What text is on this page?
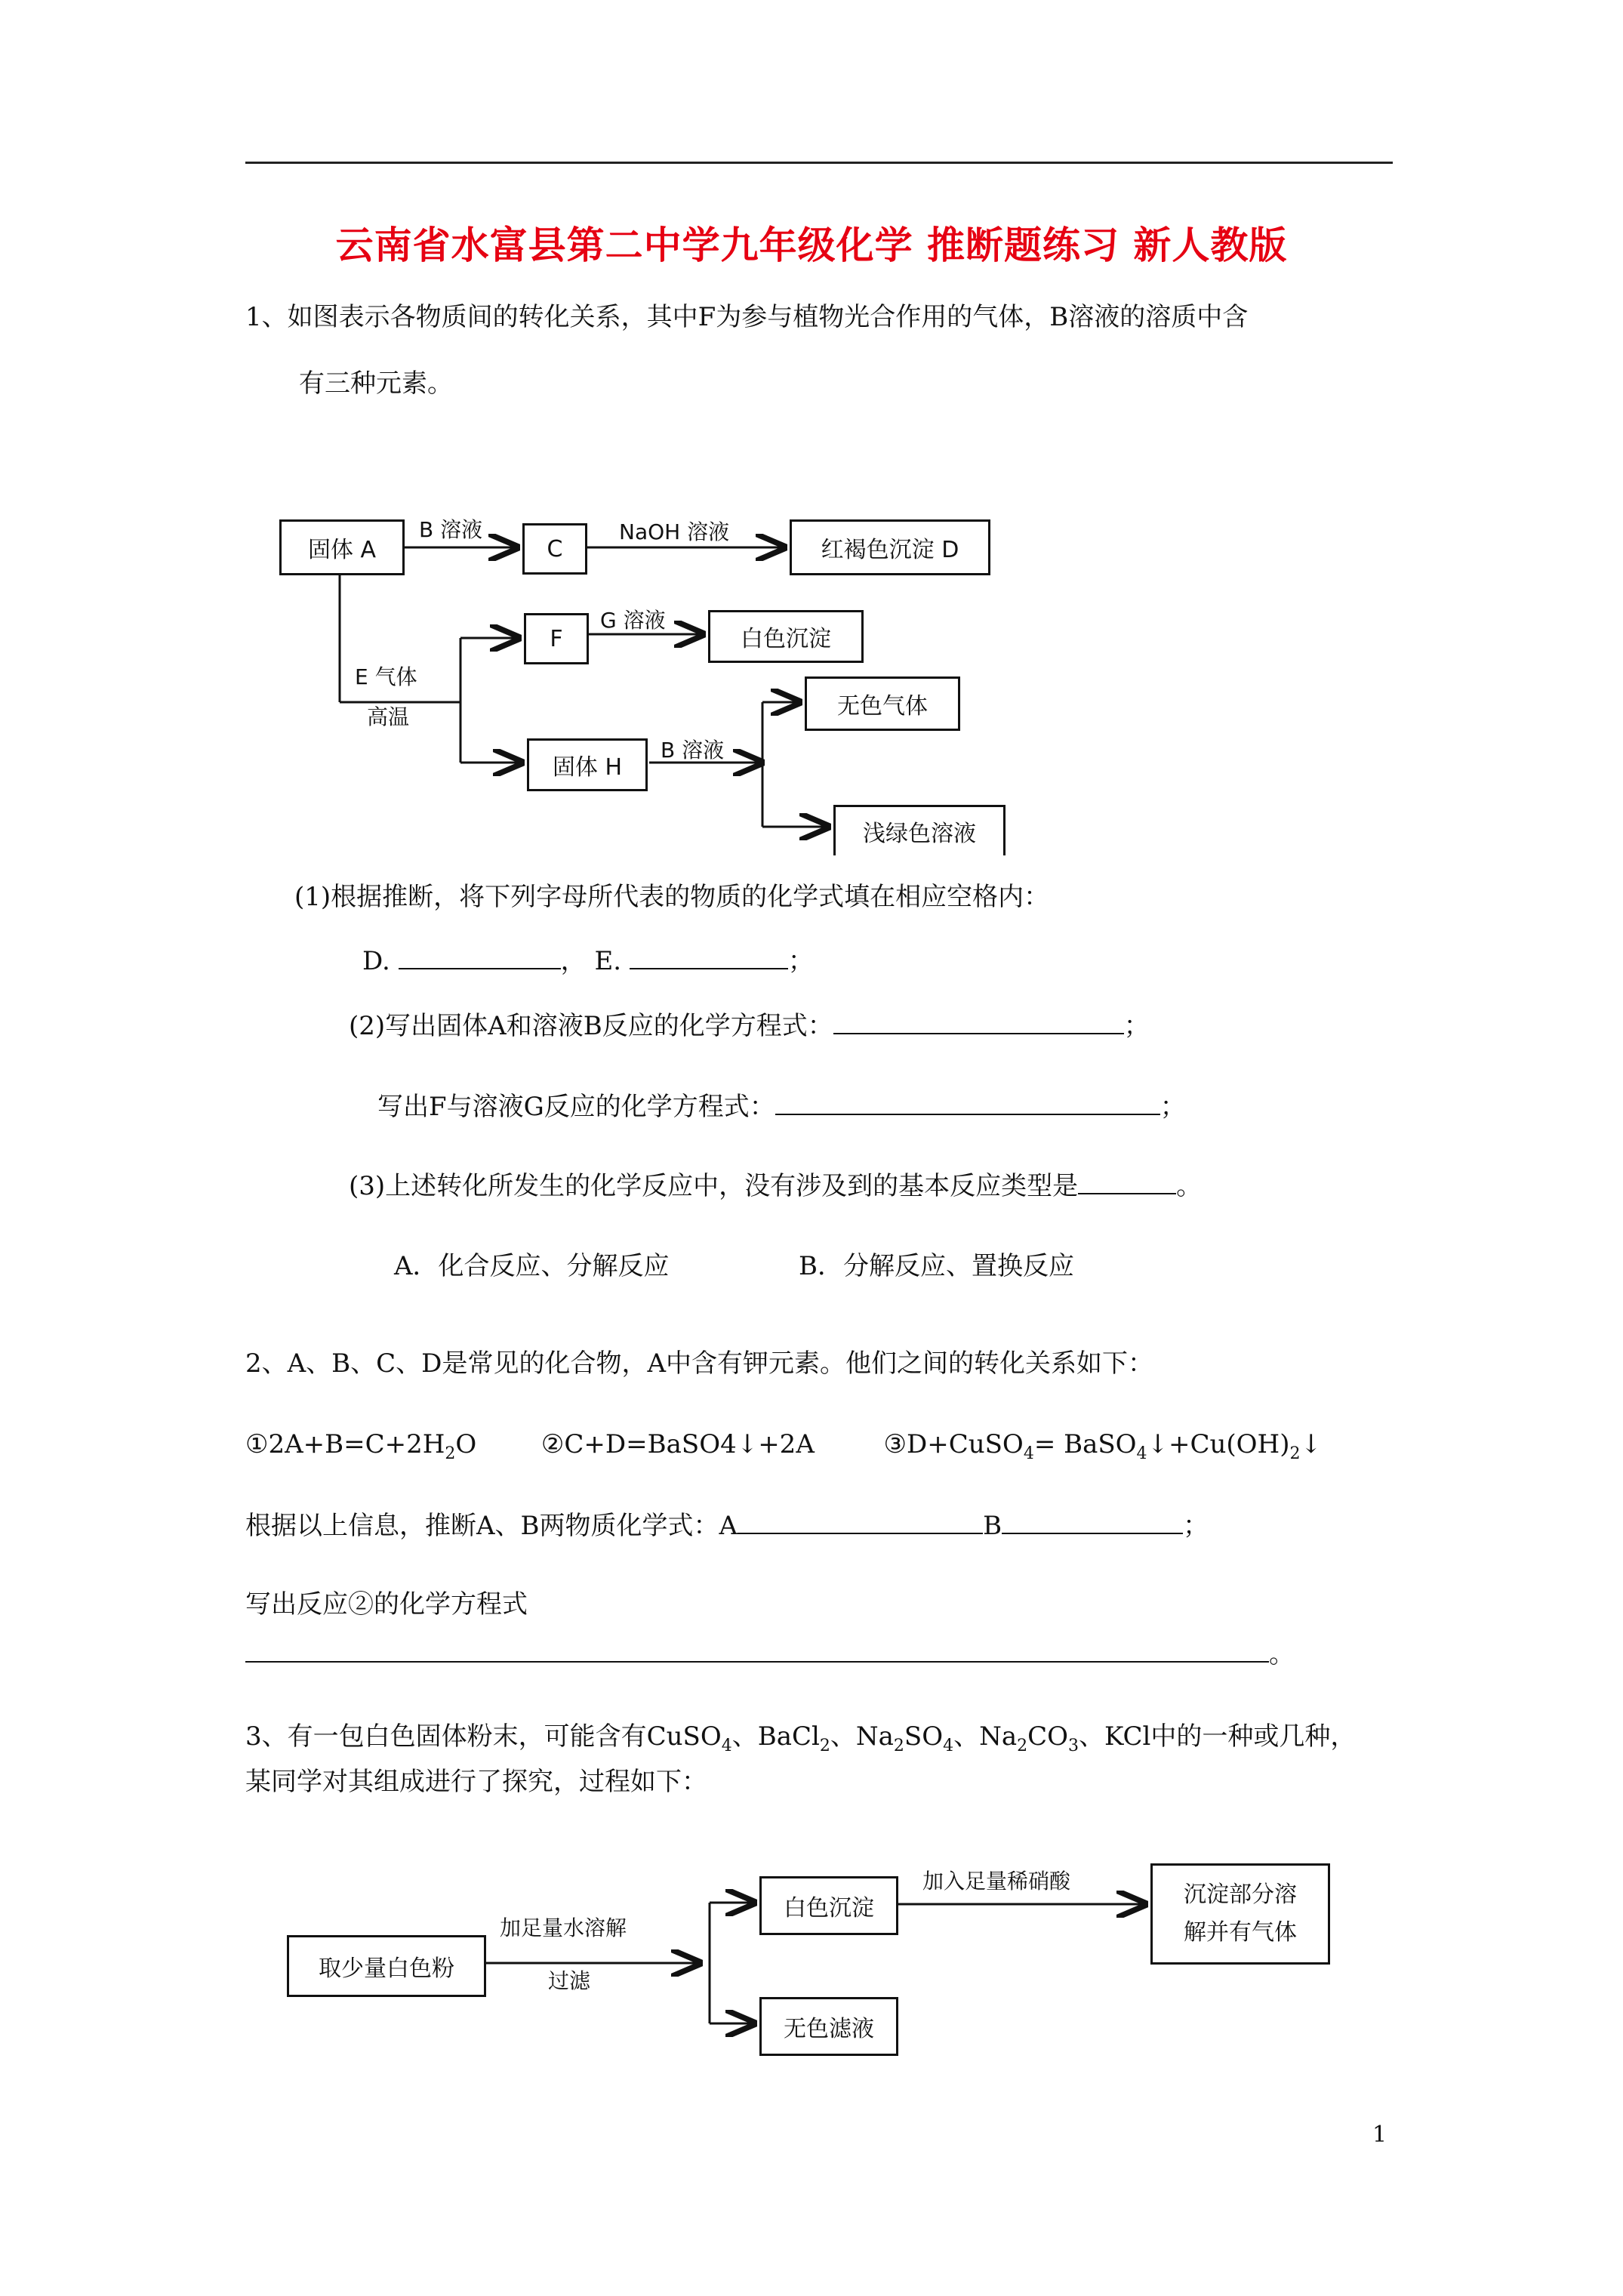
云南省水富县第二中学九年级化学 推断题练习 新人教版
1、如图表示各物质间的转化关系，其中F为参与植物光合作用的气体，B溶液的溶质中含
有三种元素。
固体 A	C	红褐色沉淀 D
F	白色沉淀
无色气体
固体 H
浅绿色溶液
B 溶液	NaOH 溶液
G 溶液
E 气体
高温
B 溶液
(1)根据推断，将下列字母所代表的物质的化学式填在相应空格内：
D.	， E.	；
(2)写出固体A和溶液B反应的化学方程式：	；
写出F与溶液G反应的化学方程式：	；
(3)上述转化所发生的化学反应中，没有涉及到的基本反应类型是	。
A．化合反应、分解反应	B．分解反应、置换反应
2、A、B、C、D是常见的化合物，A中含有钾元素。他们之间的转化关系如下：
$①2A+B=C+2H_2O$	②C+D=BaSO4↓+2A	③D+CuSO$_4$= $BaSO_4↓+Cu(OH)_2↓$
根据以上信息，推断A、B两物质化学式：A	B	；
写出反应②的化学方程式
。
3、有一包白色固体粉末，可能含有CuSO$_4$、BaCl$_2$、$Na_2SO_4$、$Na_2CO_3$、KCl中的一种或几种，
某同学对其组成进行了探究，过程如下：
取少量白色粉
白色沉淀
无色滤液
沉淀部分溶
解并有气体
加足量水溶解
过滤
加入足量稀硝酸
1
